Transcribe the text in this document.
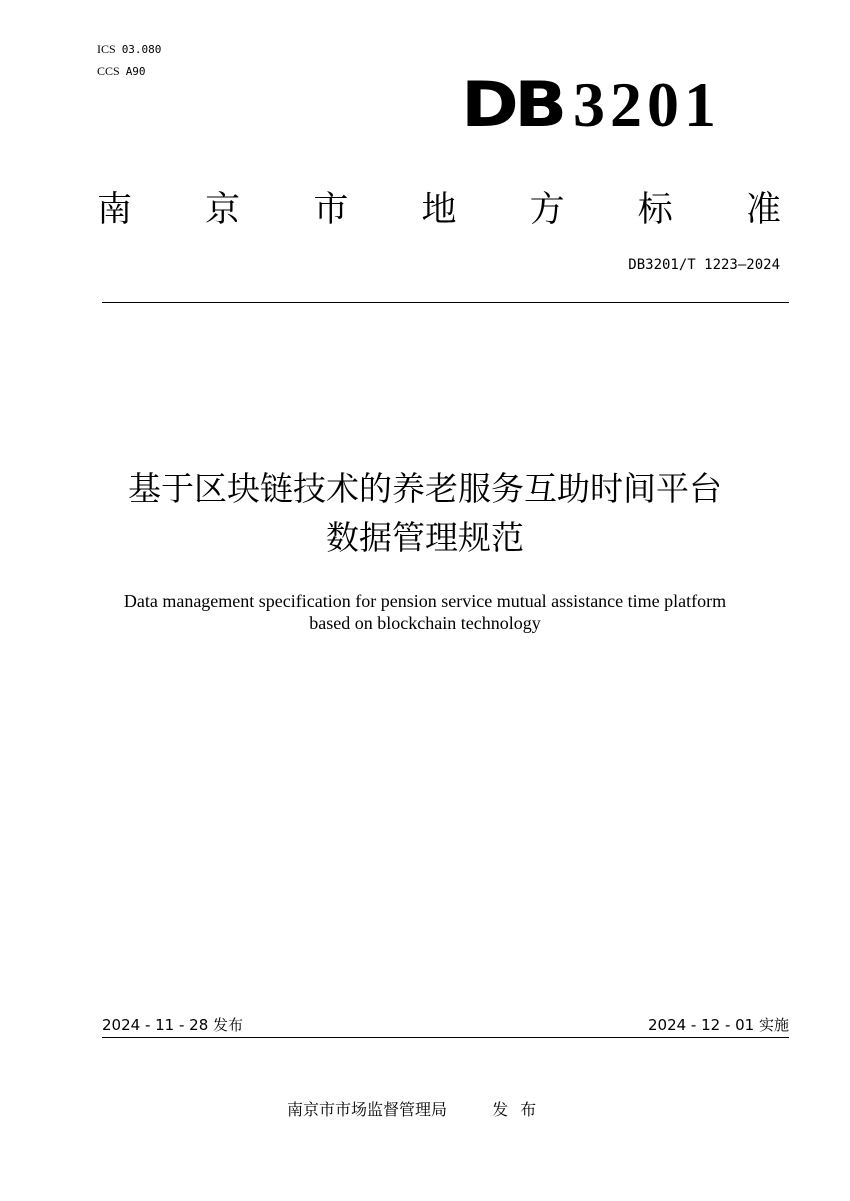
ICS 03.080
CCS A90	DB 3201
南 京 市 地 方 标 准
DB3201/T 1223—2024
基于区块链技术的养老服务互助时间平台
数据管理规范
Data management specification for pension service mutual assistance time platform
based on blockchain technology
2024 - 11 - 28 发布	2024 - 12 - 01 实施
南京市市场监督管理局	发布
